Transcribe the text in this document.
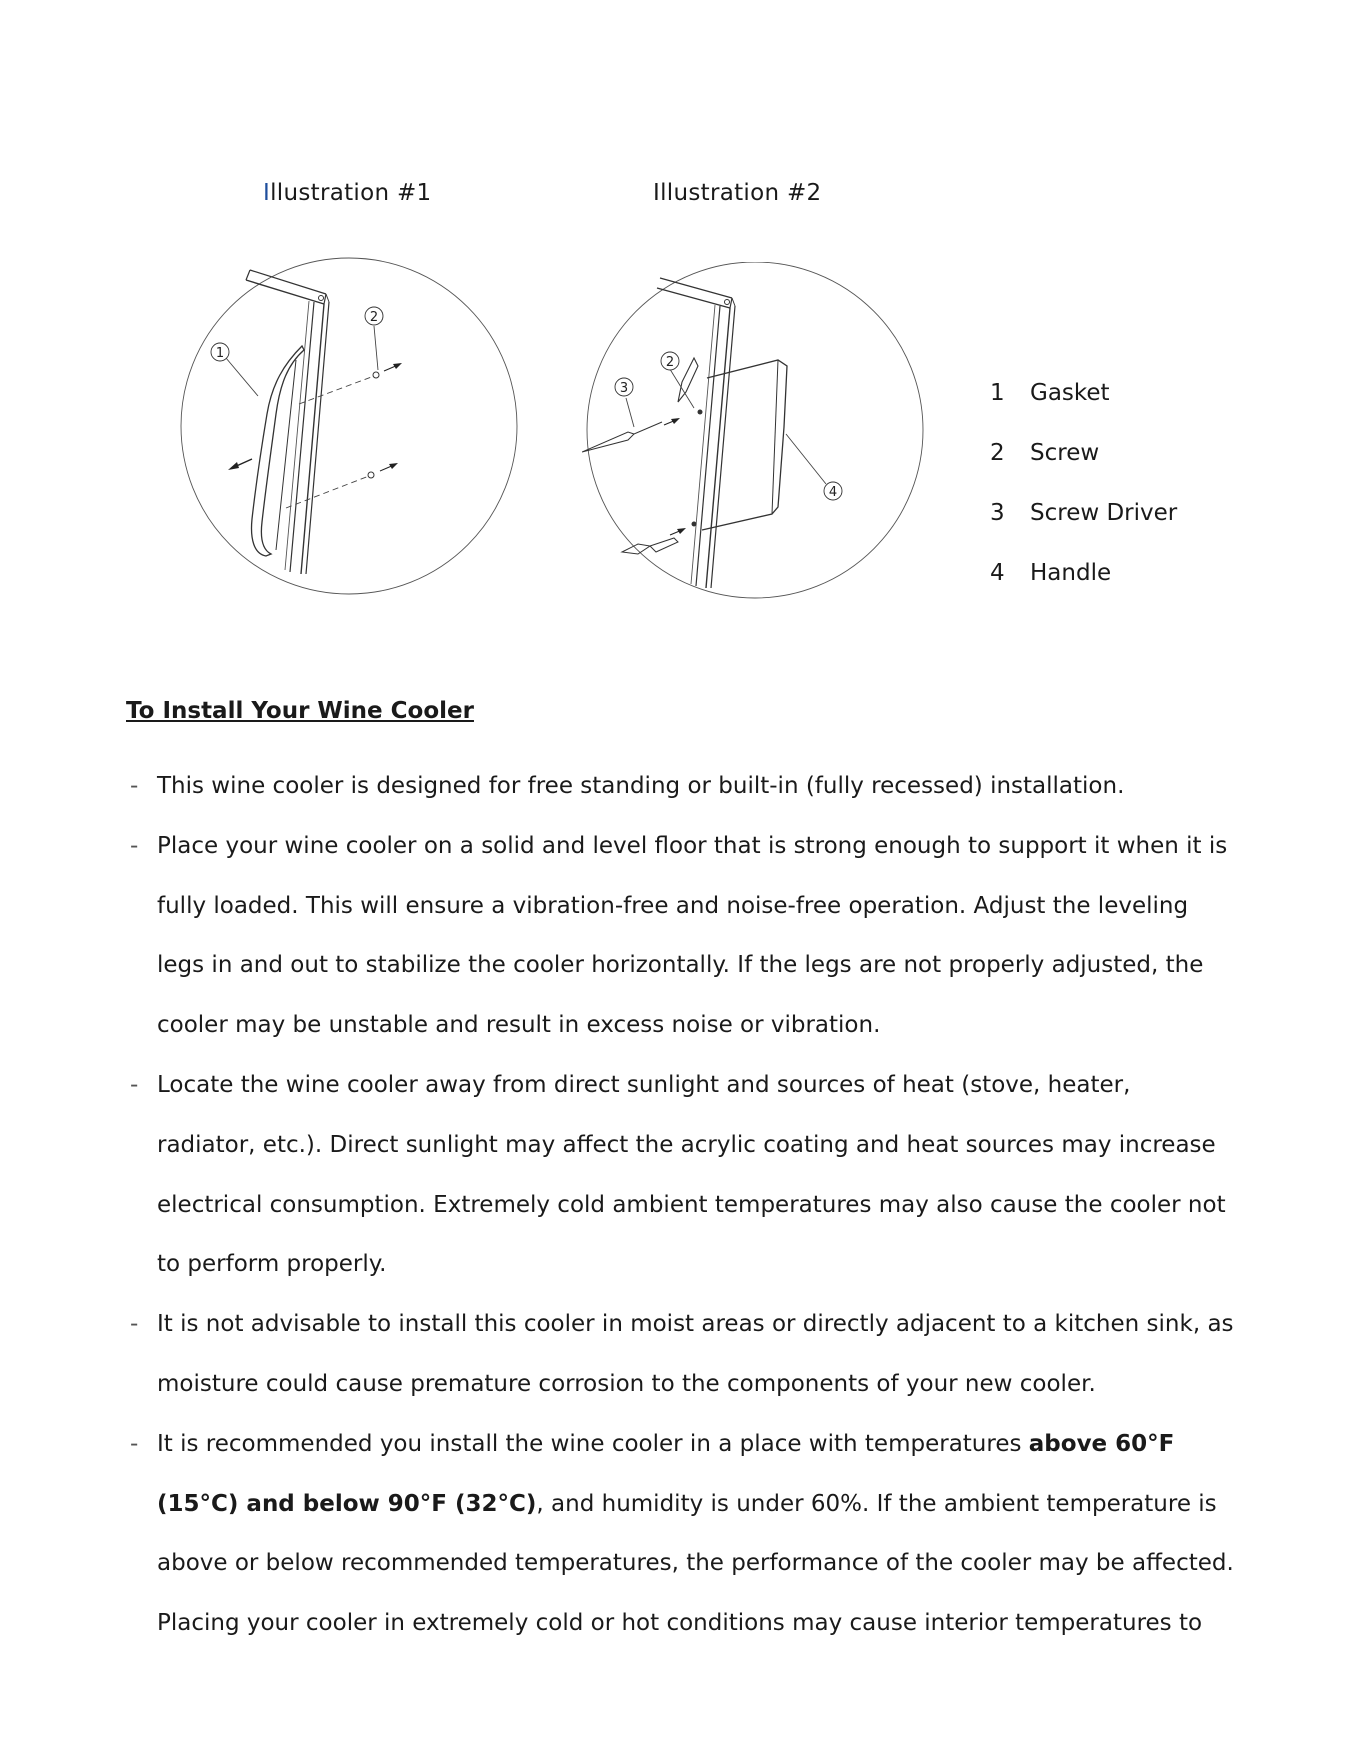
Illustration #1	Illustration #2
1
2
2
3
4
1	Gasket
2	Screw
3	Screw Driver
4	Handle
To Install Your Wine Cooler
- This wine cooler is designed for free standing or built-in (fully recessed) installation.
- Place your wine cooler on a solid and level floor that is strong enough to support it when it is fully loaded. This will ensure a vibration-free and noise-free operation. Adjust the leveling legs in and out to stabilize the cooler horizontally. If the legs are not properly adjusted, the cooler may be unstable and result in excess noise or vibration.
- Locate the wine cooler away from direct sunlight and sources of heat (stove, heater, radiator, etc.). Direct sunlight may affect the acrylic coating and heat sources may increase electrical consumption. Extremely cold ambient temperatures may also cause the cooler not to perform properly.
- It is not advisable to install this cooler in moist areas or directly adjacent to a kitchen sink, as moisture could cause premature corrosion to the components of your new cooler.
- It is recommended you install the wine cooler in a place with temperatures above 60°F (15°C) and below 90°F (32°C), and humidity is under 60%. If the ambient temperature is above or below recommended temperatures, the performance of the cooler may be affected. Placing your cooler in extremely cold or hot conditions may cause interior temperatures to
